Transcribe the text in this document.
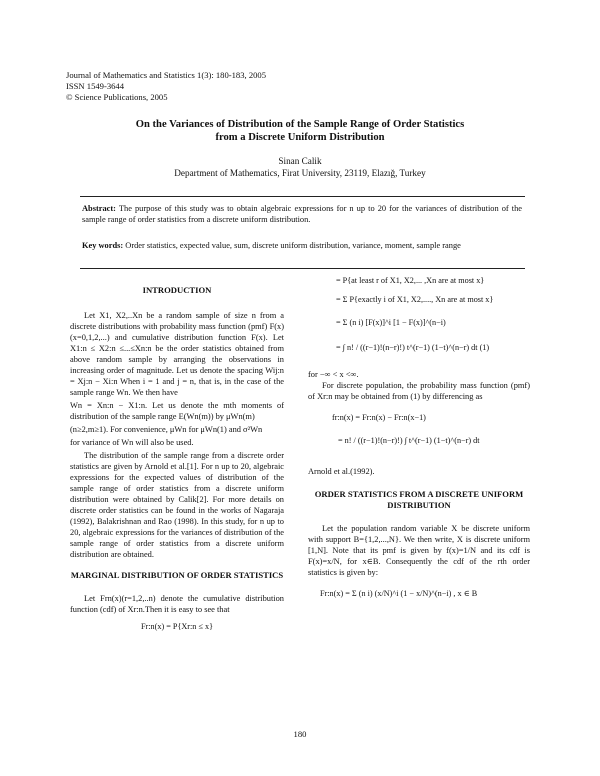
Journal of Mathematics and Statistics 1(3): 180-183, 2005
ISSN 1549-3644
© Science Publications, 2005
On the Variances of Distribution of the Sample Range of Order Statistics
from a Discrete Uniform Distribution
Sinan Calik
Department of Mathematics, Firat University, 23119, Elazığ, Turkey
Abstract: The purpose of this study was to obtain algebraic expressions for n up to 20 for the variances of distribution of the sample range of order statistics from a discrete uniform distribution.
Key words: Order statistics, expected value, sum, discrete uniform distribution, variance, moment, sample range
INTRODUCTION

Let X1, X2,..Xn be a random sample of size n from a discrete distributions with probability mass function (pmf) F(x) (x=0,1,2,...) and cumulative distribution function F(x). Let X1:n ≤ X2:n ≤...≤Xn:n be the order statistics obtained from above random sample by arranging the observations in increasing order of magnitude. Let us denote the spacing Wij:n = Xj:n − Xi:n When i = 1 and j = n, that is, in the case of the sample range Wn. We then have

Wn = Xn:n − X1:n. Let us denote the mth moments of distribution of the sample range E(Wn(m)) by μWn(m)

(n≥2,m≥1). For convenience, μWn for μWn(1) and σ²Wn

for variance of Wn will also be used.

The distribution of the sample range from a discrete order statistics are given by Arnold et al.[1]. For n up to 20, algebraic expressions for the expected values of distribution of the sample range of order statistics from a discrete uniform distribution were obtained by Calik[2]. For more details on discrete order statistics can be found in the works of Nagaraja (1992), Balakrishnan and Rao (1998). In this study, for n up to 20, algebraic expressions for the variances of distribution of the sample range of order statistics from a discrete uniform distribution are obtained.

MARGINAL DISTRIBUTION OF ORDER STATISTICS

Let Frn(x)(r=1,2,..n) denote the cumulative distribution function (cdf) of Xr:n.Then it is easy to see that

Fr:n(x) = P{Xr:n ≤ x}
= P{at least r of X1, X2,... ,Xn are at most x}
= Σ P{exactly i of X1, X2,...., Xn are at most x}
= Σ (n i) [F(x)]^i [1 − F(x)]^(n−i)
= ∫ n! / ((r−1)!(n−r)!) t^(r−1) (1−t)^(n−r) dt (1)
for −∞ < x <∞.

For discrete population, the probability mass function (pmf) of Xr:n may be obtained from (1) by differencing as

fr:n(x) = Fr:n(x) − Fr:n(x−1)
= n! / ((r−1)!(n−r)!) ∫ t^(r−1) (1−t)^(n−r) dt
Arnold et al.(1992).
ORDER STATISTICS FROM A DISCRETE UNIFORM DISTRIBUTION

Let the population random variable X be discrete uniform with support B={1,2,...,N}. We then write, X is discrete uniform [1,N]. Note that its pmf is given by f(x)=1/N and its cdf is F(x)=x/N, for x∈B. Consequently the cdf of the rth order statistics is given by:

Fr:n(x) = Σ (n i) (x/N)^i (1 − x/N)^(n−i) , x ∈ B
180
